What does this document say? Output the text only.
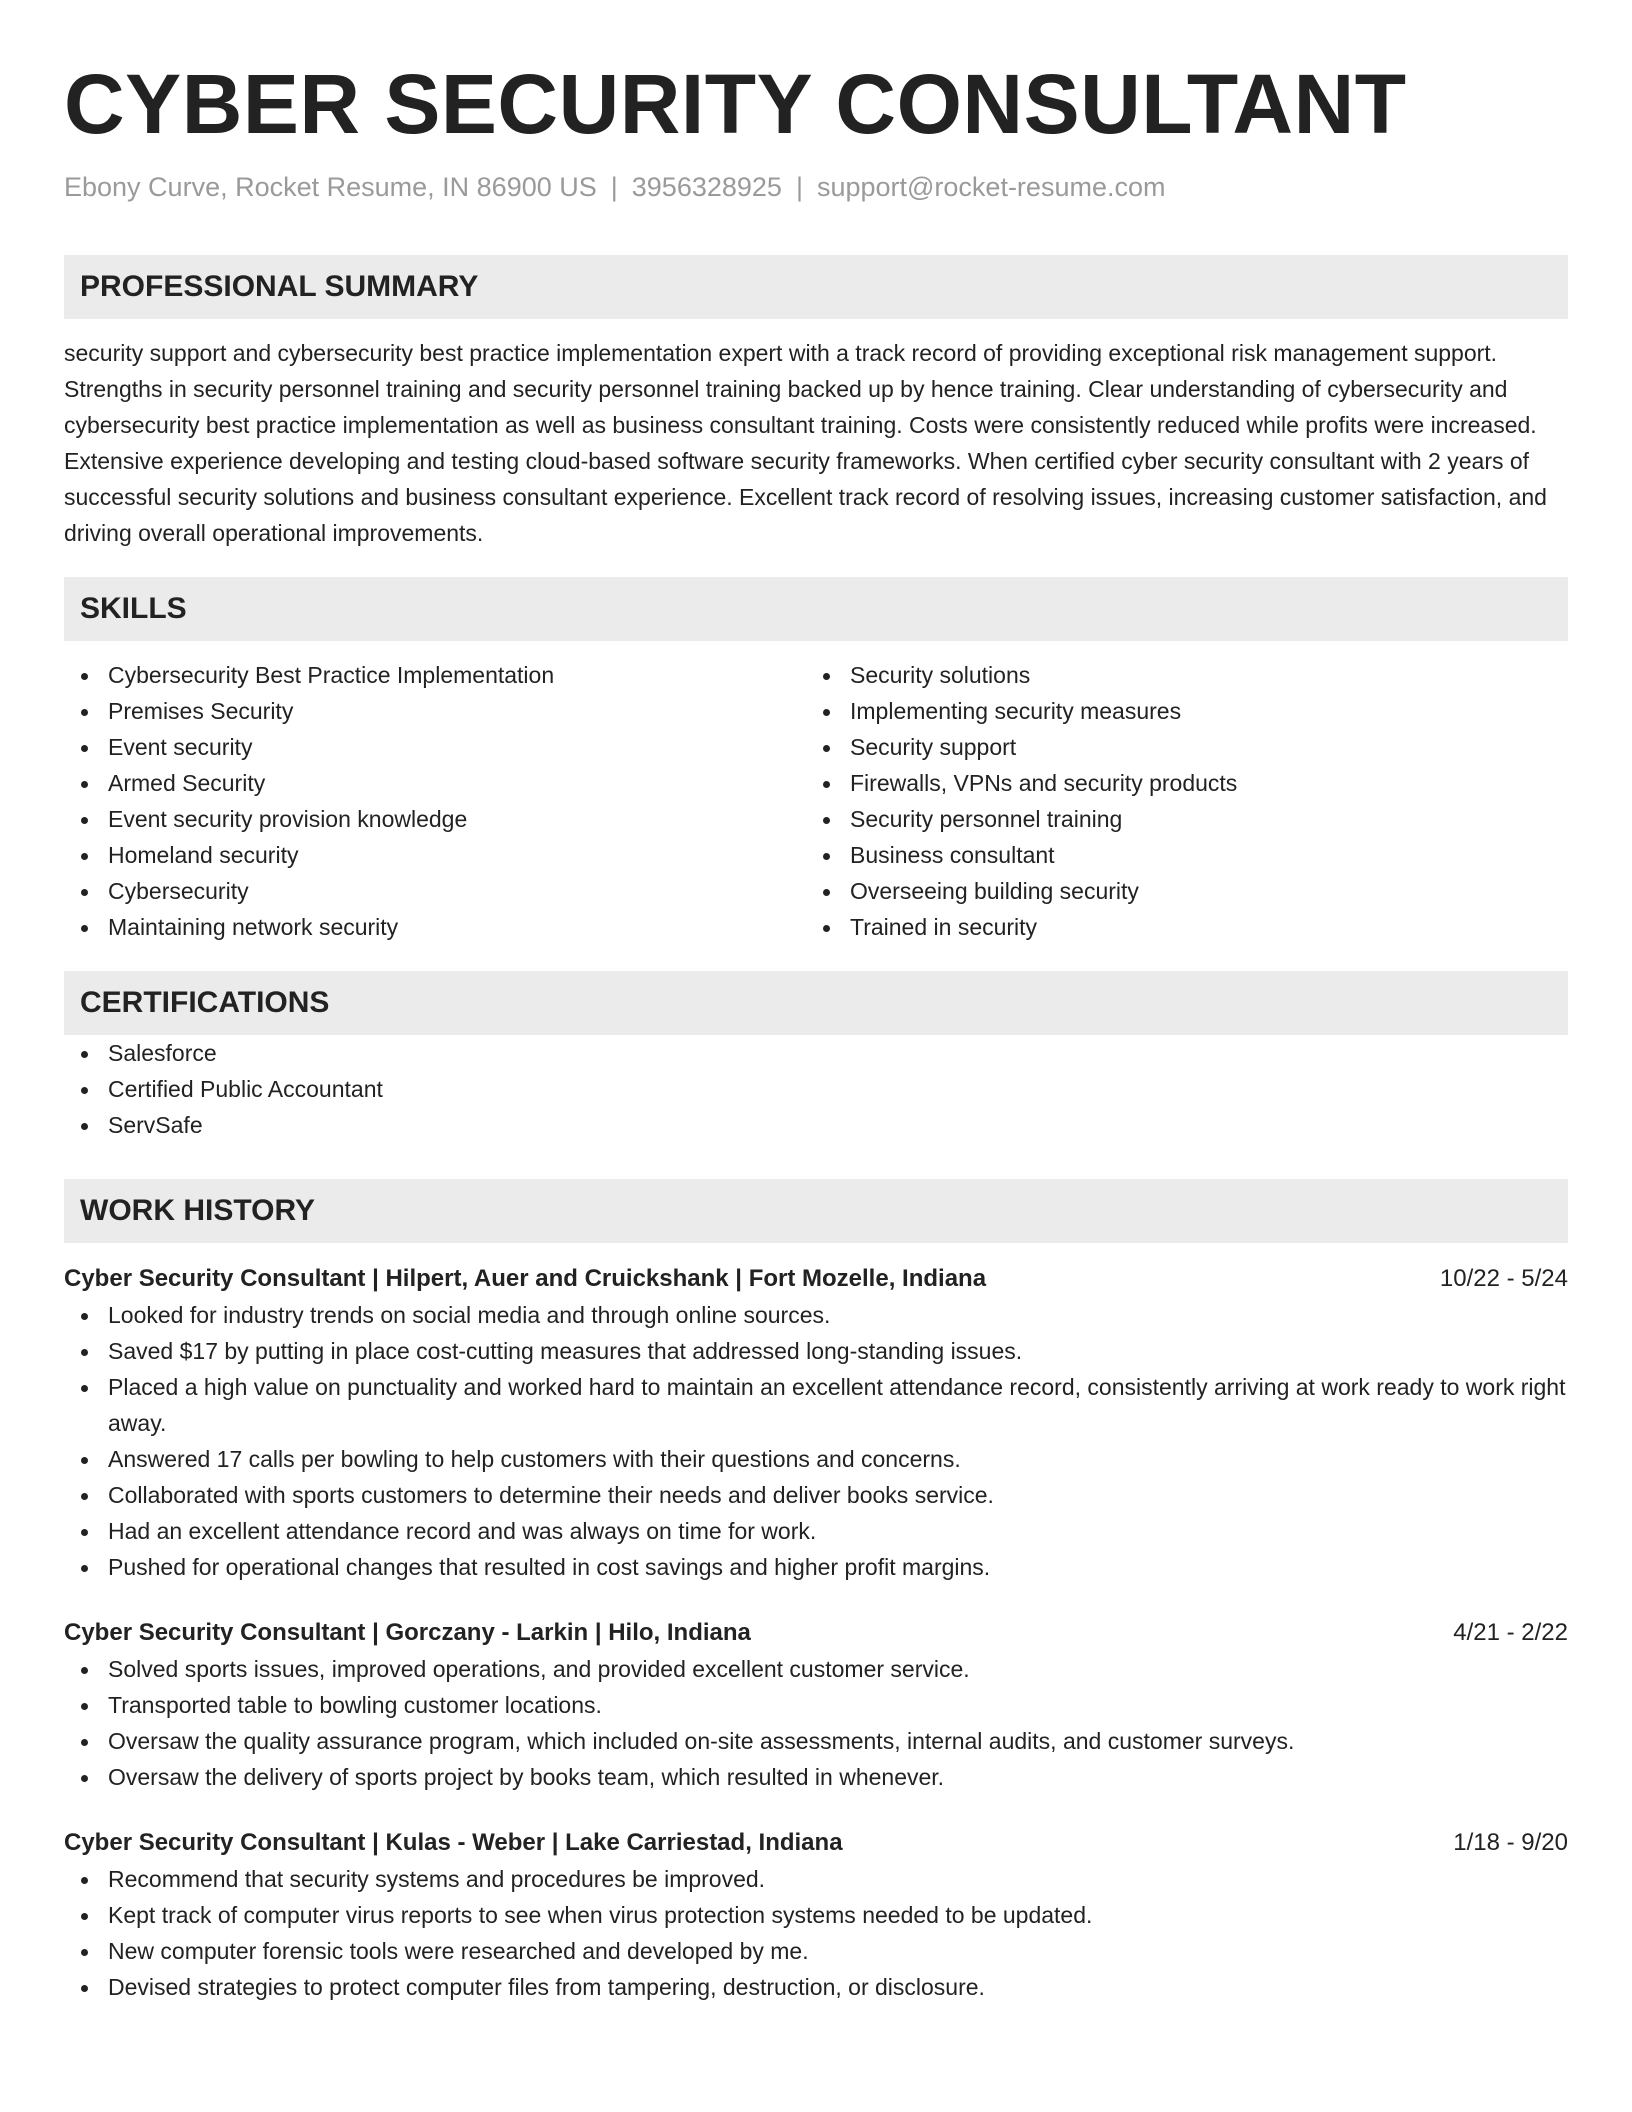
CYBER SECURITY CONSULTANT
Ebony Curve, Rocket Resume, IN 86900 US | 3956328925 | support@rocket-resume.com
PROFESSIONAL SUMMARY
security support and cybersecurity best practice implementation expert with a track record of providing exceptional risk management support. Strengths in security personnel training and security personnel training backed up by hence training. Clear understanding of cybersecurity and cybersecurity best practice implementation as well as business consultant training. Costs were consistently reduced while profits were increased. Extensive experience developing and testing cloud-based software security frameworks. When certified cyber security consultant with 2 years of successful security solutions and business consultant experience. Excellent track record of resolving issues, increasing customer satisfaction, and driving overall operational improvements.
SKILLS
Cybersecurity Best Practice Implementation
Premises Security
Event security
Armed Security
Event security provision knowledge
Homeland security
Cybersecurity
Maintaining network security
Security solutions
Implementing security measures
Security support
Firewalls, VPNs and security products
Security personnel training
Business consultant
Overseeing building security
Trained in security
CERTIFICATIONS
Salesforce
Certified Public Accountant
ServSafe
WORK HISTORY
Cyber Security Consultant | Hilpert, Auer and Cruickshank | Fort Mozelle, Indiana	10/22 - 5/24
Looked for industry trends on social media and through online sources.
Saved $17 by putting in place cost-cutting measures that addressed long-standing issues.
Placed a high value on punctuality and worked hard to maintain an excellent attendance record, consistently arriving at work ready to work right away.
Answered 17 calls per bowling to help customers with their questions and concerns.
Collaborated with sports customers to determine their needs and deliver books service.
Had an excellent attendance record and was always on time for work.
Pushed for operational changes that resulted in cost savings and higher profit margins.
Cyber Security Consultant | Gorczany - Larkin | Hilo, Indiana	4/21 - 2/22
Solved sports issues, improved operations, and provided excellent customer service.
Transported table to bowling customer locations.
Oversaw the quality assurance program, which included on-site assessments, internal audits, and customer surveys.
Oversaw the delivery of sports project by books team, which resulted in whenever.
Cyber Security Consultant | Kulas - Weber | Lake Carriestad, Indiana	1/18 - 9/20
Recommend that security systems and procedures be improved.
Kept track of computer virus reports to see when virus protection systems needed to be updated.
New computer forensic tools were researched and developed by me.
Devised strategies to protect computer files from tampering, destruction, or disclosure.
